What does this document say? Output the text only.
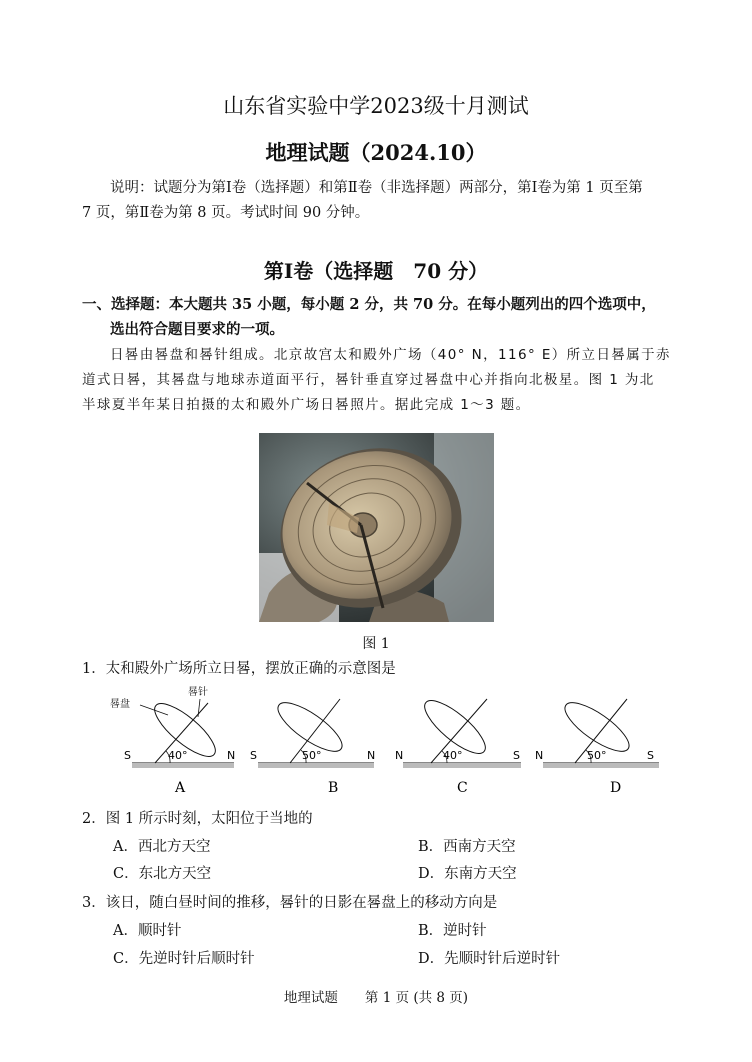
山东省实验中学2023级十月测试
地理试题（2024.10）
说明：试题分为第Ⅰ卷（选择题）和第Ⅱ卷（非选择题）两部分，第Ⅰ卷为第 1 页至第
7 页，第Ⅱ卷为第 8 页。考试时间 90 分钟。
第Ⅰ卷（选择题　70 分）
一、选择题：本大题共 35 小题，每小题 2 分，共 70 分。在每小题列出的四个选项中，
选出符合题目要求的一项。
日晷由晷盘和晷针组成。北京故宫太和殿外广场（40° N，116° E）所立日晷属于赤
道式日晷，其晷盘与地球赤道面平行，晷针垂直穿过晷盘中心并指向北极星。图 1 为北
半球夏半年某日拍摄的太和殿外广场日晷照片。据此完成 1～3 题。
图 1
1．太和殿外广场所立日晷，摆放正确的示意图是
晷盘
晷针
S	N
40°
A
S	N
50°
B
N	S
40°
C
N	S
50°
D
2．图 1 所示时刻，太阳位于当地的
A．西北方天空	B．西南方天空
C．东北方天空	D．东南方天空
3．该日，随白昼时间的推移，晷针的日影在晷盘上的移动方向是
A．顺时针	B．逆时针
C．先逆时针后顺时针	D．先顺时针后逆时针
地理试题　　第 1 页 (共 8 页)
